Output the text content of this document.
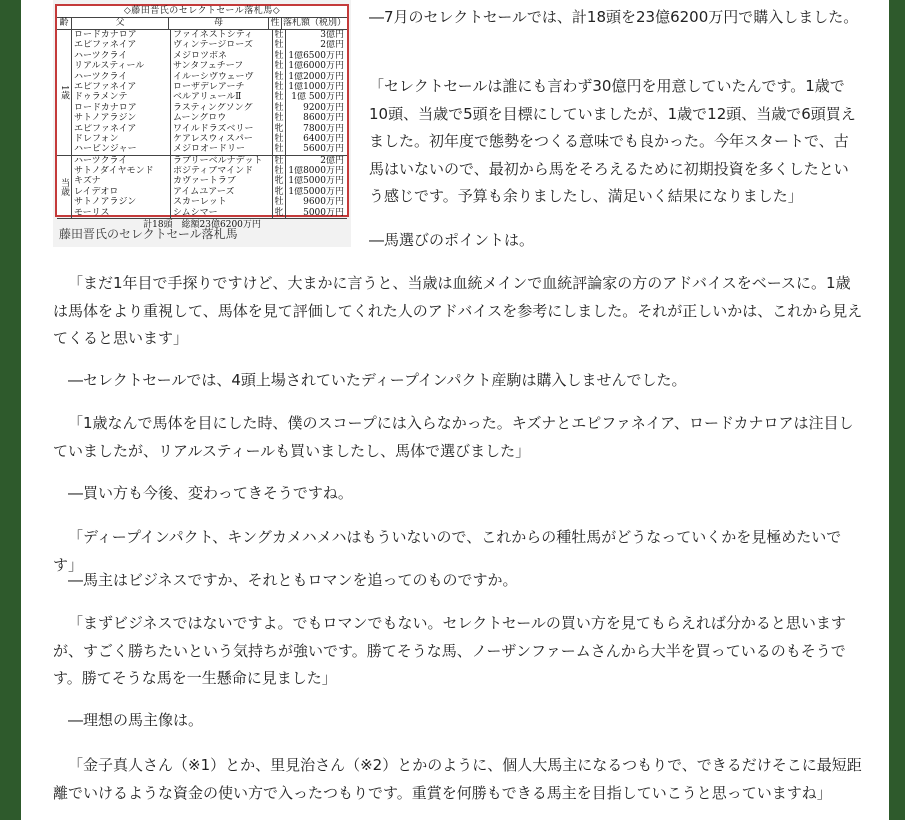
◇藤田晋氏のセレクトセール落札馬◇
齢	父	母	性 落札額（税別）
1歳
ロードカナロア	ファイネストシティ	牡	3億円
エピファネイア	ヴィンテージローズ	牡	2億円
ハーツクライ	メジロツボネ	牡 1億6500万円
リアルスティール	サンタフェチーフ	牡 1億6000万円
ハーツクライ	イルーシヴウェーヴ	牡 1億2000万円
エピファネイア	ローザデレアーチ	牡 1億1000万円
ドゥラメンテ	ベルアリュールⅡ	牡 1億 500万円
ロードカナロア	ラスティングソング	牡	9200万円
サトノアラジン	ムーングロウ	牡	8600万円
エピファネイア	ワイルドラズベリー	牝	7800万円
ドレフォン	ケアレスウィスパー	牡	6400万円
ハービンジャー	メジロオードリー	牡	5600万円
当歳
ハーツクライ	ラブリーベルナデット	牡	2億円
サトノダイヤモンド	ポジティブマインド	牡 1億8000万円
キズナ	カヴァートラブ	牝 1億5000万円
レイデオロ	アイムユアーズ	牝 1億5000万円
サトノアラジン	スカーレット	牡	9600万円
モーリス	シムシマー	牝	5000万円
計18頭　総額23億6200万円
藤田晋氏のセレクトセール落札馬

―7月のセレクトセールでは、計18頭を23億6200万円で購入しました。

「セレクトセールは誰にも言わず30億円を用意していたんです。1歳で10頭、当歳で5頭を目標にしていましたが、1歳で12頭、当歳で6頭買えました。初年度で態勢をつくる意味でも良かった。今年スタートで、古馬はいないので、最初から馬をそろえるために初期投資を多くしたという感じです。予算も余りましたし、満足いく結果になりました」

―馬選びのポイントは。

「まだ1年目で手探りですけど、大まかに言うと、当歳は血統メインで血統評論家の方のアドバイスをベースに。1歳は馬体をより重視して、馬体を見て評価してくれた人のアドバイスを参考にしました。それが正しいかは、これから見えてくると思います」

―セレクトセールでは、4頭上場されていたディープインパクト産駒は購入しませんでした。

「1歳なんで馬体を目にした時、僕のスコープには入らなかった。キズナとエピファネイア、ロードカナロアは注目していましたが、リアルスティールも買いましたし、馬体で選びました」

―買い方も今後、変わってきそうですね。

「ディープインパクト、キングカメハメハはもういないので、これからの種牡馬がどうなっていくかを見極めたいです」

―馬主はビジネスですか、それともロマンを追ってのものですか。

「まずビジネスではないですよ。でもロマンでもない。セレクトセールの買い方を見てもらえれば分かると思いますが、すごく勝ちたいという気持ちが強いです。勝てそうな馬、ノーザンファームさんから大半を買っているのもそうです。勝てそうな馬を一生懸命に見ました」

―理想の馬主像は。

「金子真人さん（※1）とか、里見治さん（※2）とかのように、個人大馬主になるつもりで、できるだけそこに最短距離でいけるような資金の使い方で入ったつもりです。重賞を何勝もできる馬主を目指していこうと思っていますね」
